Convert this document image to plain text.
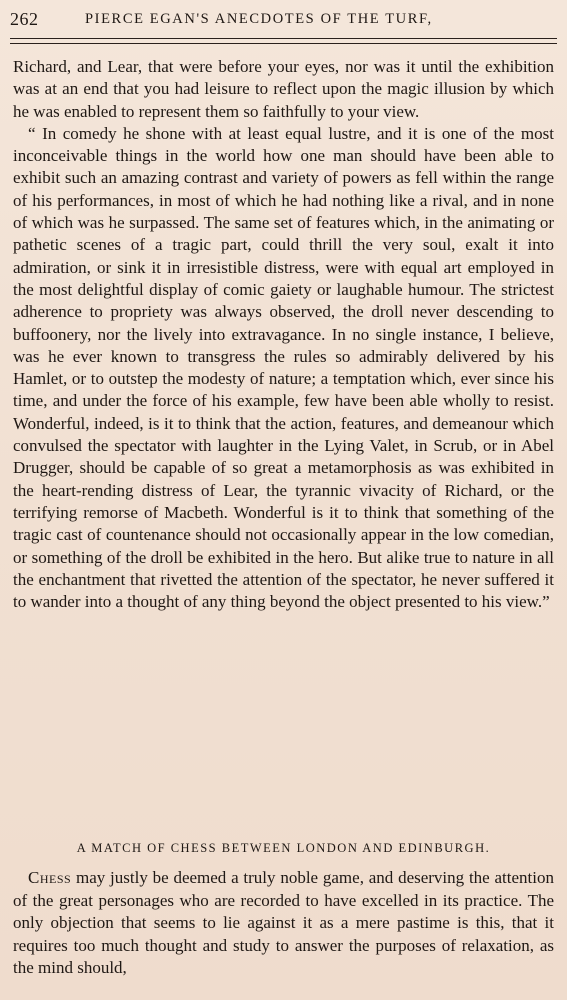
262	PIERCE EGAN'S ANECDOTES OF THE TURF,

Richard, and Lear, that were before your eyes, nor was it until the exhibition was at an end that you had leisure to reflect upon the magic illusion by which he was enabled to represent them so faithfully to your view.

“ In comedy he shone with at least equal lustre, and it is one of the most inconceivable things in the world how one man should have been able to exhibit such an amazing contrast and variety of powers as fell within the range of his performances, in most of which he had nothing like a rival, and in none of which was he surpassed. The same set of features which, in the animating or pathetic scenes of a tragic part, could thrill the very soul, exalt it into admiration, or sink it in irresistible distress, were with equal art employed in the most delightful display of comic gaiety or laughable humour. The strictest adherence to propriety was always observed, the droll never descending to buffoonery, nor the lively into extravagance. In no single instance, I believe, was he ever known to transgress the rules so admirably delivered by his Hamlet, or to outstep the modesty of nature; a temptation which, ever since his time, and under the force of his example, few have been able wholly to resist. Wonderful, indeed, is it to think that the action, features, and demeanour which convulsed the spectator with laughter in the Lying Valet, in Scrub, or in Abel Drugger, should be capable of so great a metamorphosis as was exhibited in the heart-rending distress of Lear, the tyrannic vivacity of Richard, or the terrifying remorse of Macbeth. Wonderful is it to think that something of the tragic cast of countenance should not occasionally appear in the low comedian, or something of the droll be exhibited in the hero. But alike true to nature in all the enchantment that rivetted the attention of the spectator, he never suffered it to wander into a thought of any thing beyond the object presented to his view.”

A MATCH OF CHESS BETWEEN LONDON AND EDINBURGH.

Chess may justly be deemed a truly noble game, and deserving the attention of the great personages who are recorded to have excelled in its practice. The only objection that seems to lie against it as a mere pastime is this, that it requires too much thought and study to answer the purposes of relaxation, as the mind should,
